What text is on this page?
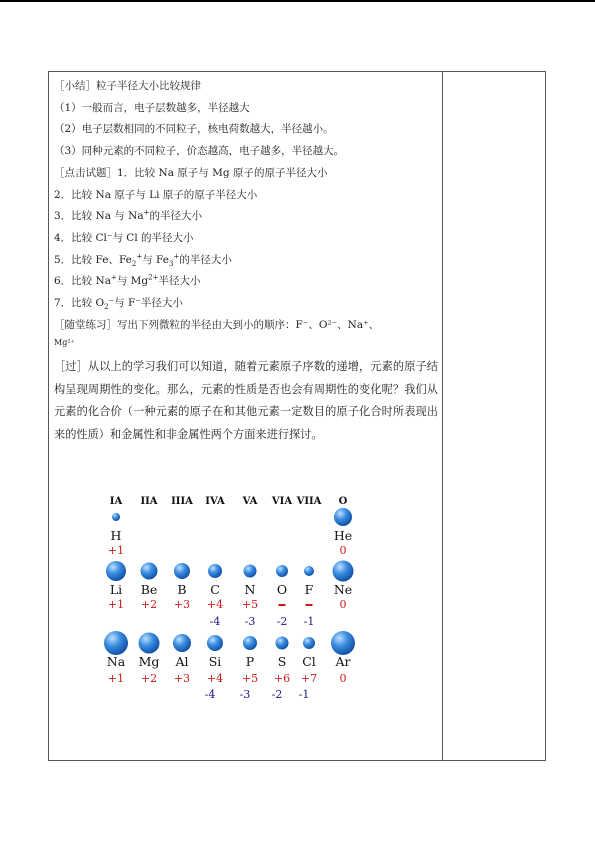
［小结］粒子半径大小比较规律
（1）一般而言，电子层数越多，半径越大
（2）电子层数相同的不同粒子，核电荷数越大，半径越小。
（3）同种元素的不同粒子，价态越高，电子越多，半径越大。
［点击试题］1．比较 Na 原子与 Mg 原子的原子半径大小
2．比较 Na 原子与 Li 原子的原子半径大小
3．比较 Na 与 Na+的半径大小
4．比较 Cl⁻与 Cl 的半径大小
5．比较 Fe、$Fe_2^+$与 $Fe_3^+$的半径大小
6．比较 Na+与 $Mg^{2+}$半径大小
7．比较 $O_2^-$与 F⁻半径大小
［随堂练习］写出下列微粒的半径由大到小的顺序：F⁻、O²⁻、Na⁺、
Mg²⁺
［过］从以上的学习我们可以知道，随着元素原子序数的递增，元素的原子结构呈现周期性的变化。那么，元素的性质是否也会有周期性的变化呢？我们从元素的化合价（一种元素的原子在和其他元素一定数目的原子化合时所表现出来的性质）和金属性和非金属性两个方面来进行探讨。
IA IIA IIIA IVA VA VIA VIIA O
H
+1
He
0
Li
+1
Be
+2
B
+3
C
+4
N
+5
O F Ne
0
-4 -3 -2 -1
Na
+1
Mg
+2
Al
+3
Si
+4
P
+5
S
+6
Cl
+7
Ar
0
-4 -3 -2 -1
